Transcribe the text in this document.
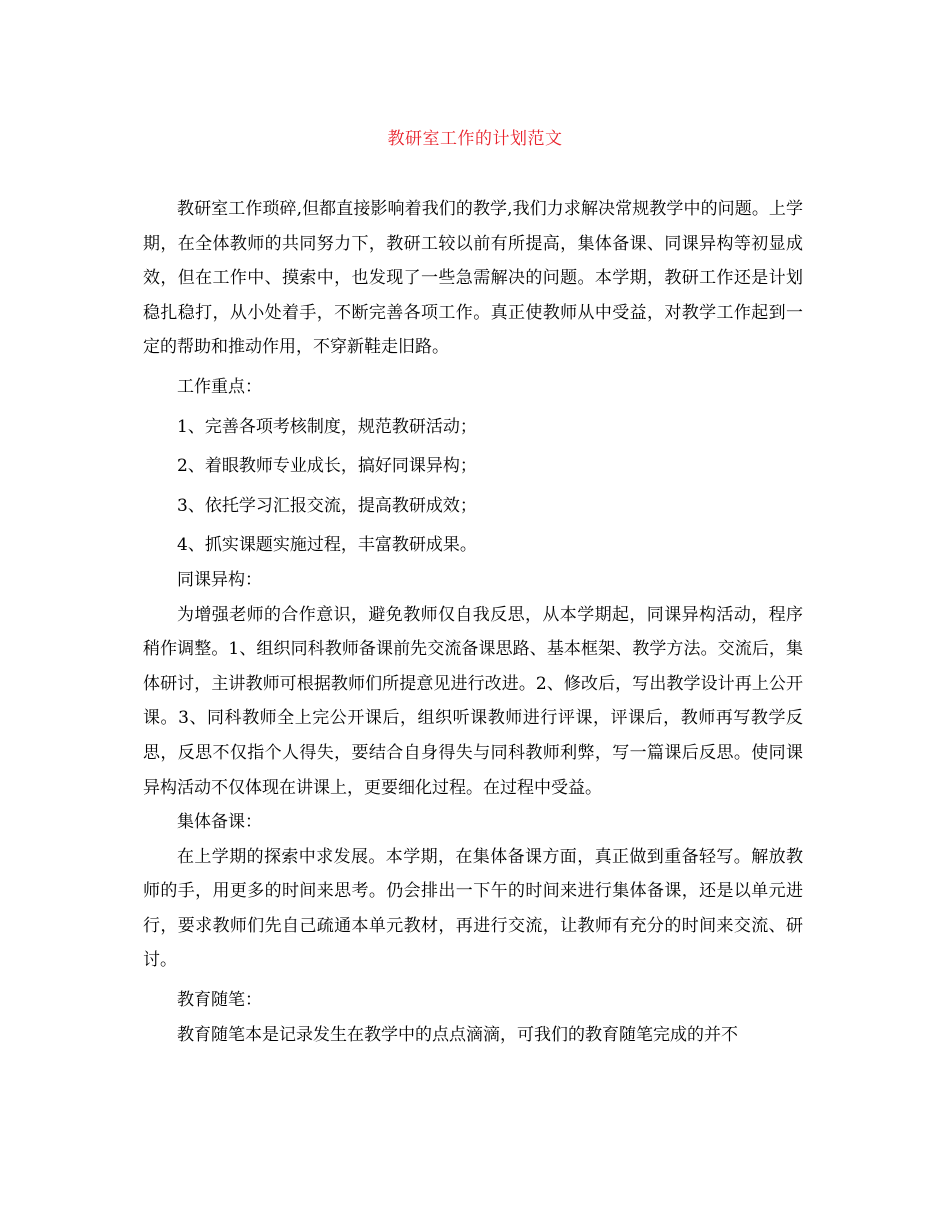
教研室工作的计划范文

教研室工作琐碎,但都直接影响着我们的教学,我们力求解决常规教学中的问题。上学期，在全体教师的共同努力下，教研工较以前有所提高，集体备课、同课异构等初显成效，但在工作中、摸索中，也发现了一些急需解决的问题。本学期，教研工作还是计划稳扎稳打，从小处着手，不断完善各项工作。真正使教师从中受益，对教学工作起到一定的帮助和推动作用，不穿新鞋走旧路。

工作重点：

1、完善各项考核制度，规范教研活动；

2、着眼教师专业成长，搞好同课异构；

3、依托学习汇报交流，提高教研成效；

4、抓实课题实施过程，丰富教研成果。

同课异构：

为增强老师的合作意识，避免教师仅自我反思，从本学期起，同课异构活动，程序稍作调整。1、组织同科教师备课前先交流备课思路、基本框架、教学方法。交流后，集体研讨，主讲教师可根据教师们所提意见进行改进。2、修改后，写出教学设计再上公开课。3、同科教师全上完公开课后，组织听课教师进行评课，评课后，教师再写教学反思，反思不仅指个人得失，要结合自身得失与同科教师利弊，写一篇课后反思。使同课异构活动不仅体现在讲课上，更要细化过程。在过程中受益。

集体备课：

在上学期的探索中求发展。本学期，在集体备课方面，真正做到重备轻写。解放教师的手，用更多的时间来思考。仍会排出一下午的时间来进行集体备课，还是以单元进行，要求教师们先自己疏通本单元教材，再进行交流，让教师有充分的时间来交流、研讨。

教育随笔：

教育随笔本是记录发生在教学中的点点滴滴，可我们的教育随笔完成的并不
